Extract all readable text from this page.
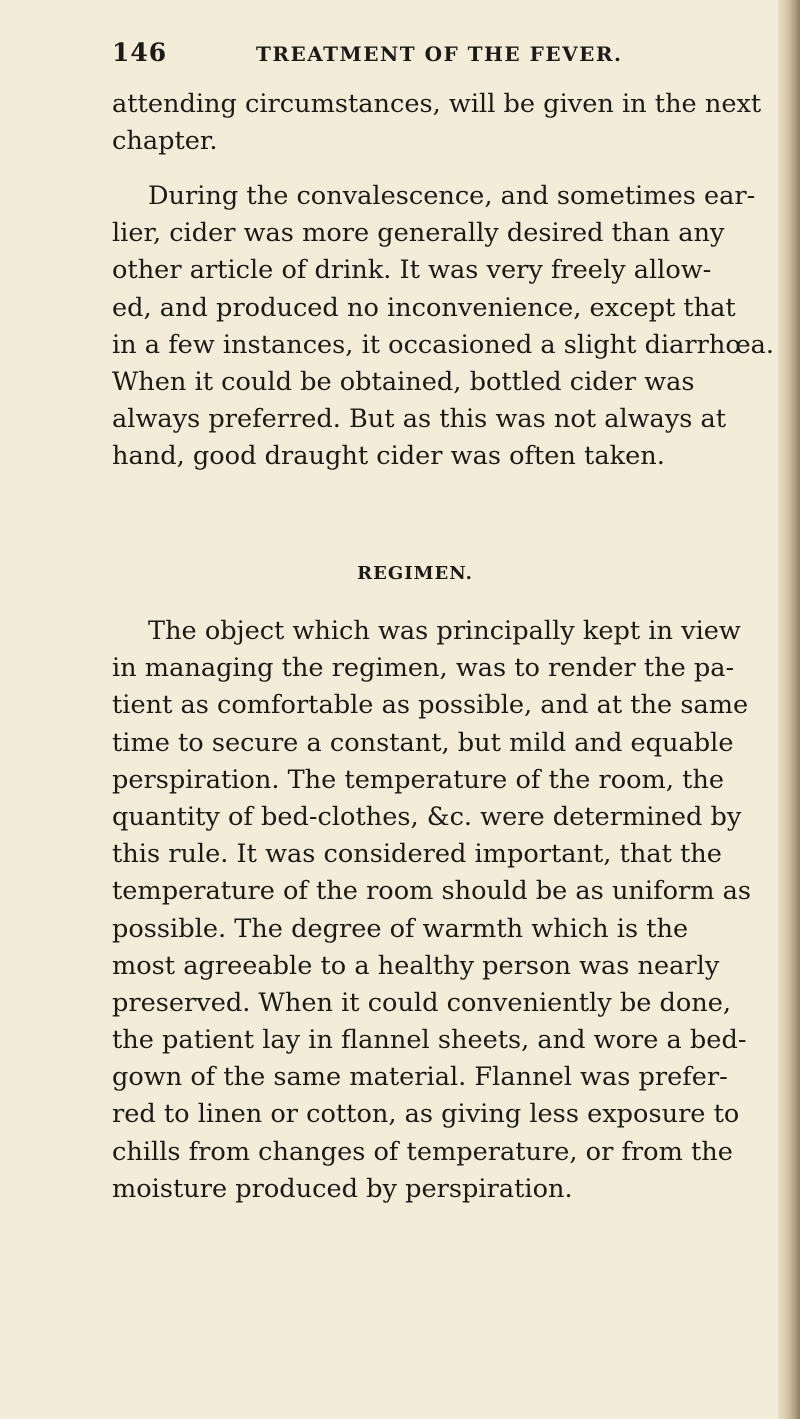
146	TREATMENT OF THE FEVER.
attending circumstances, will be given in the next
chapter.
During the convalescence, and sometimes ear-
lier, cider was more generally desired than any
other article of drink. It was very freely allow-
ed, and produced no inconvenience, except that
in a few instances, it occasioned a slight diarrhœa.
When it could be obtained, bottled cider was
always preferred. But as this was not always at
hand, good draught cider was often taken.
REGIMEN.
The object which was principally kept in view
in managing the regimen, was to render the pa-
tient as comfortable as possible, and at the same
time to secure a constant, but mild and equable
perspiration. The temperature of the room, the
quantity of bed-clothes, &c. were determined by
this rule. It was considered important, that the
temperature of the room should be as uniform as
possible. The degree of warmth which is the
most agreeable to a healthy person was nearly
preserved. When it could conveniently be done,
the patient lay in flannel sheets, and wore a bed-
gown of the same material. Flannel was prefer-
red to linen or cotton, as giving less exposure to
chills from changes of temperature, or from the
moisture produced by perspiration.
